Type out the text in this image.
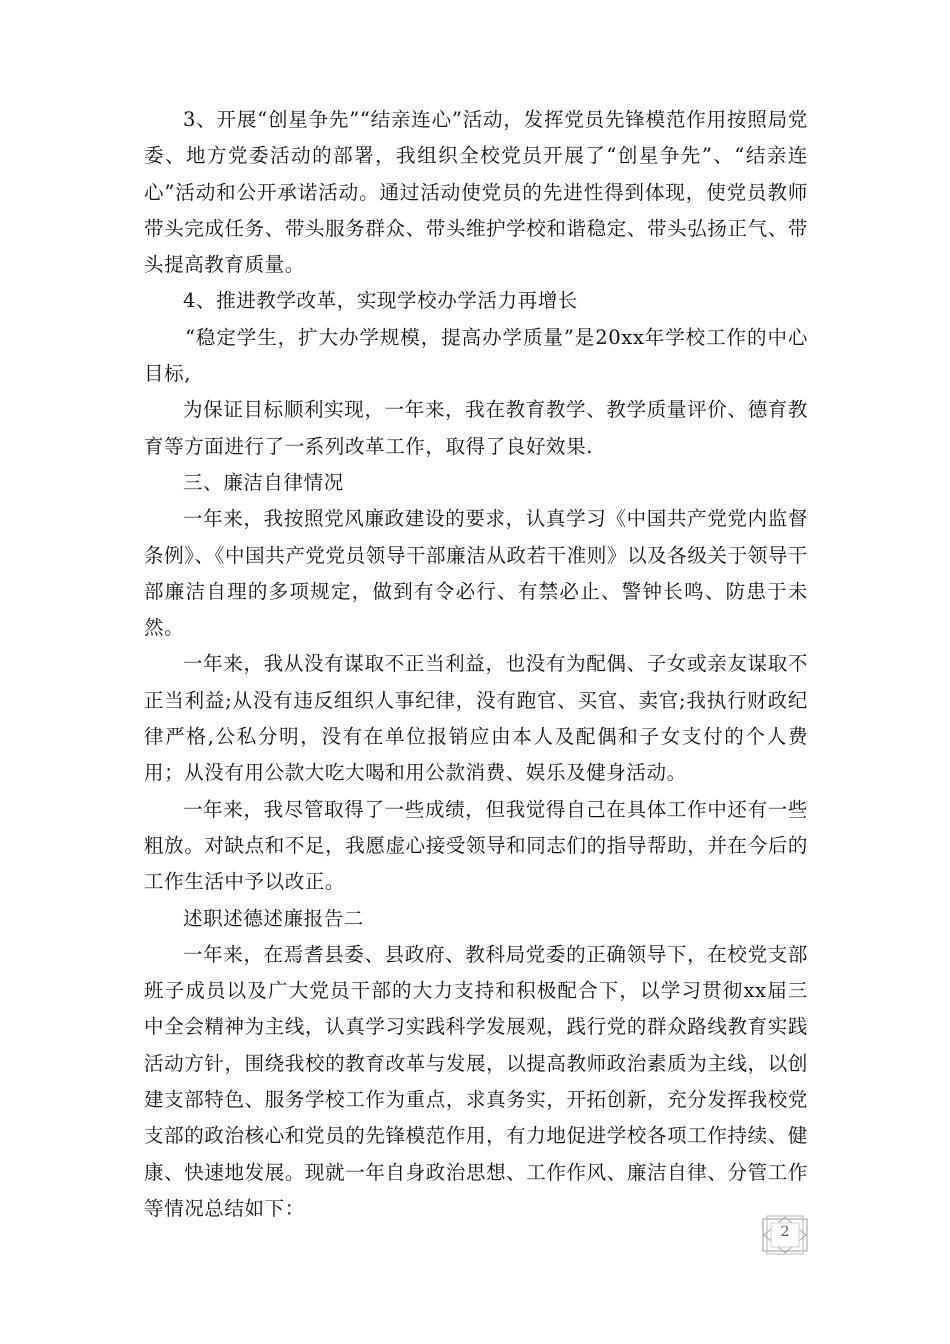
3、开展“创星争先”“结亲连心”活动，发挥党员先锋模范作用按照局党委、地方党委活动的部署，我组织全校党员开展了“创星争先”、“结亲连心”活动和公开承诺活动。通过活动使党员的先进性得到体现，使党员教师带头完成任务、带头服务群众、带头维护学校和谐稳定、带头弘扬正气、带头提高教育质量。

4、推进教学改革，实现学校办学活力再增长

“稳定学生，扩大办学规模，提高办学质量”是20xx年学校工作的中心目标,

为保证目标顺利实现，一年来，我在教育教学、教学质量评价、德育教育等方面进行了一系列改革工作，取得了良好效果.

三、廉洁自律情况

一年来，我按照党风廉政建设的要求，认真学习《中国共产党党内监督条例》、《中国共产党党员领导干部廉洁从政若干准则》以及各级关于领导干部廉洁自理的多项规定，做到有令必行、有禁必止、警钟长鸣、防患于未然。

一年来，我从没有谋取不正当利益，也没有为配偶、子女或亲友谋取不正当利益;从没有违反组织人事纪律，没有跑官、买官、卖官;我执行财政纪律严格,公私分明，没有在单位报销应由本人及配偶和子女支付的个人费用；从没有用公款大吃大喝和用公款消费、娱乐及健身活动。

一年来，我尽管取得了一些成绩，但我觉得自己在具体工作中还有一些粗放。对缺点和不足，我愿虚心接受领导和同志们的指导帮助，并在今后的工作生活中予以改正。

述职述德述廉报告二

一年来，在焉耆县委、县政府、教科局党委的正确领导下，在校党支部班子成员以及广大党员干部的大力支持和积极配合下，以学习贯彻xx届三中全会精神为主线，认真学习实践科学发展观，践行党的群众路线教育实践活动方针，围绕我校的教育改革与发展，以提高教师政治素质为主线，以创建支部特色、服务学校工作为重点，求真务实，开拓创新，充分发挥我校党支部的政治核心和党员的先锋模范作用，有力地促进学校各项工作持续、健康、快速地发展。现就一年自身政治思想、工作作风、廉洁自律、分管工作等情况总结如下：

2
